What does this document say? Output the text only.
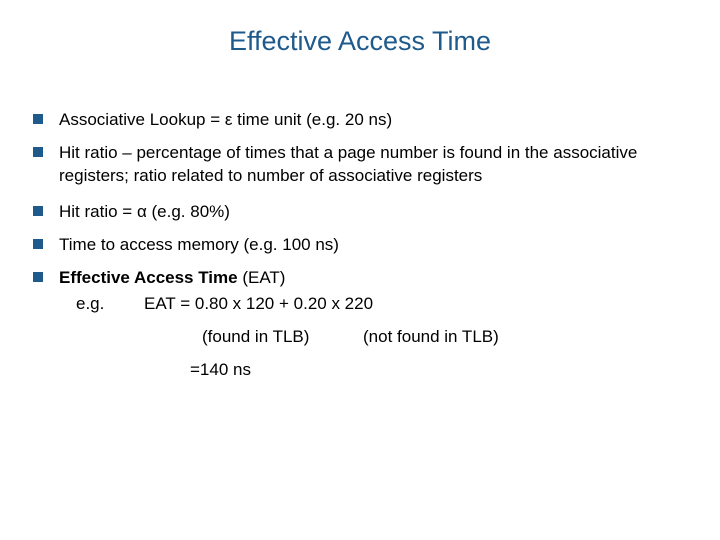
Effective Access Time
Associative Lookup = ε time unit (e.g. 20 ns)
Hit ratio – percentage of times that a page number is found in the associative registers; ratio related to number of associative registers
Hit ratio = α (e.g. 80%)
Time to access memory (e.g. 100 ns)
Effective Access Time (EAT)
e.g. EAT = 0.80 x 120 + 0.20 x 220
(found in TLB)	(not found in TLB)
=140 ns
